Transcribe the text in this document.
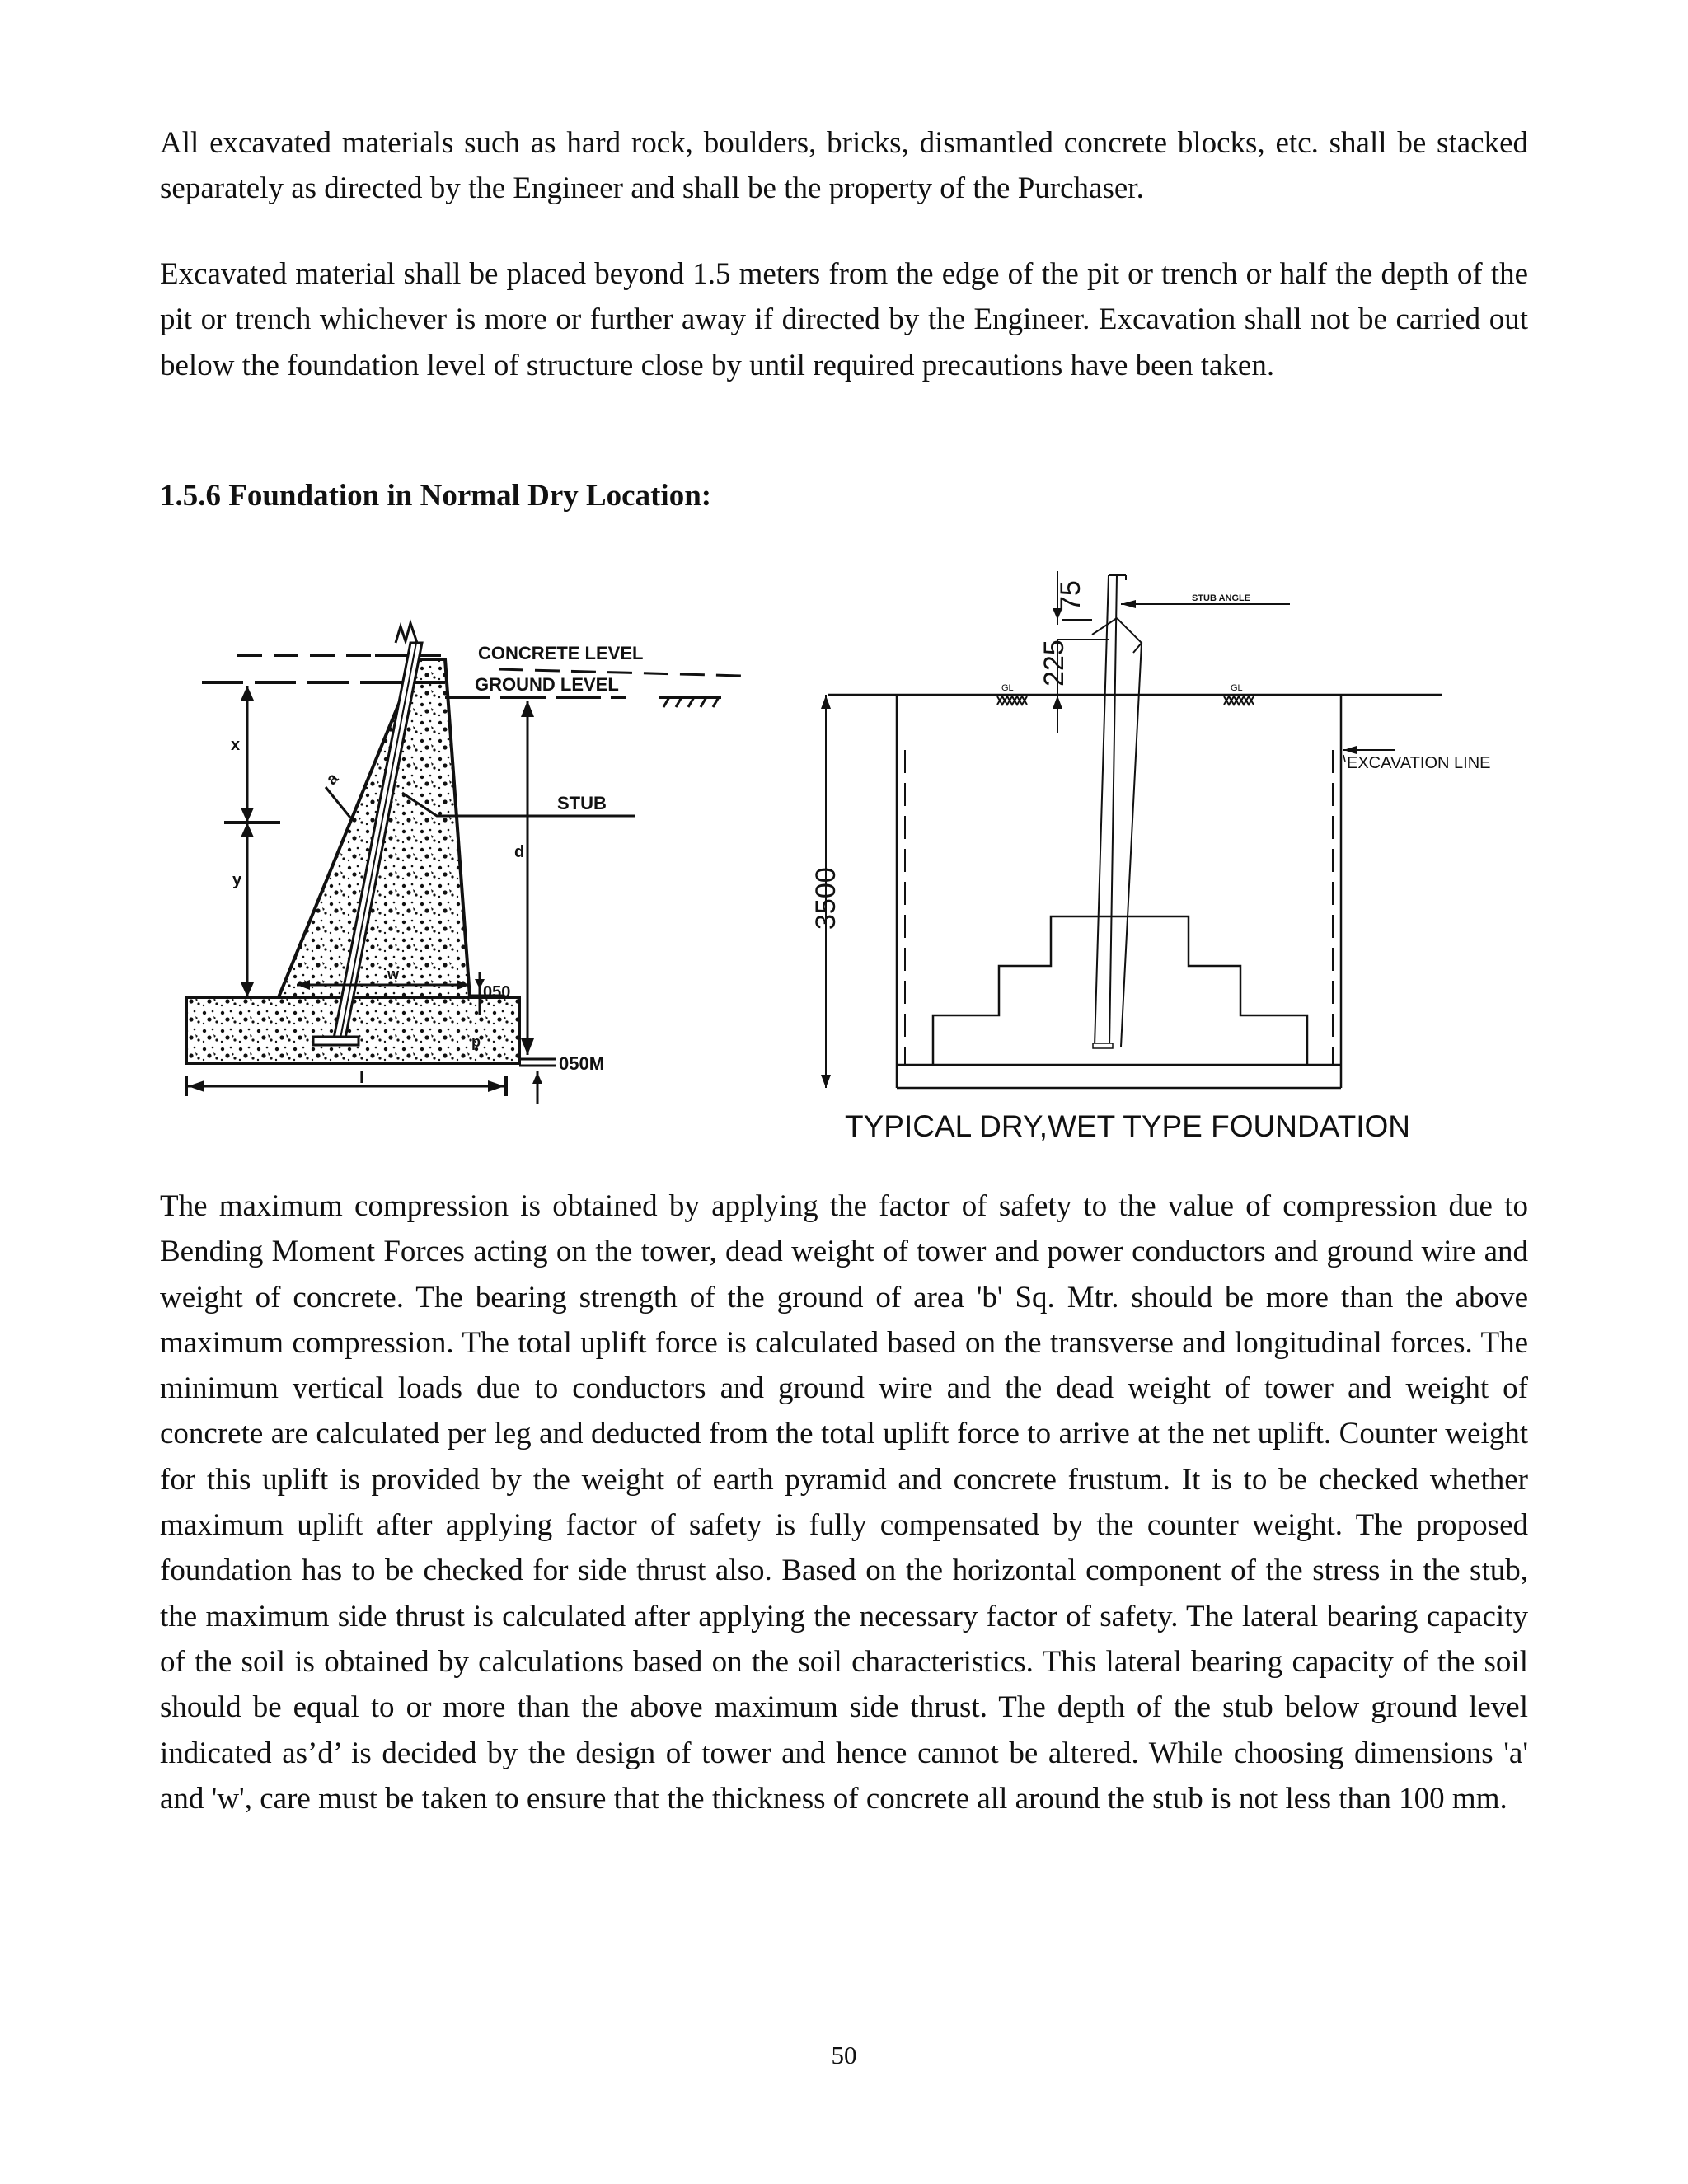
All excavated materials such as hard rock, boulders, bricks, dismantled concrete blocks, etc. shall be stacked separately as directed by the Engineer and shall be the property of the Purchaser.

Excavated material shall be placed beyond 1.5 meters from the edge of the pit or trench or half the depth of the pit or trench whichever is more or further away if directed by the Engineer. Excavation shall not be carried out below the foundation level of structure close by until required precautions have been taken.

1.5.6 Foundation in Normal Dry Location:
CONCRETE LEVEL
GROUND LEVEL
STUB
x
y
d
a
w
050
p
050M
l
GL	GL
STUB ANGLE
75
225
3500
EXCAVATION LINE
TYPICAL DRY,WET TYPE FOUNDATION

The maximum compression is obtained by applying the factor of safety to the value of compression due to Bending Moment Forces acting on the tower, dead weight of tower and power conductors and ground wire and weight of concrete. The bearing strength of the ground of area 'b' Sq. Mtr. should be more than the above maximum compression. The total uplift force is calculated based on the transverse and longitudinal forces. The minimum vertical loads due to conductors and ground wire and the dead weight of tower and weight of concrete are calculated per leg and deducted from the total uplift force to arrive at the net uplift. Counter weight for this uplift is provided by the weight of earth pyramid and concrete frustum. It is to be checked whether maximum uplift after applying factor of safety is fully compensated by the counter weight. The proposed foundation has to be checked for side thrust also. Based on the horizontal component of the stress in the stub, the maximum side thrust is calculated after applying the necessary factor of safety. The lateral bearing capacity of the soil is obtained by calculations based on the soil characteristics. This lateral bearing capacity of the soil should be equal to or more than the above maximum side thrust. The depth of the stub below ground level indicated as’d’ is decided by the design of tower and hence cannot be altered. While choosing dimensions 'a' and 'w', care must be taken to ensure that the thickness of concrete all around the stub is not less than 100 mm.

50
